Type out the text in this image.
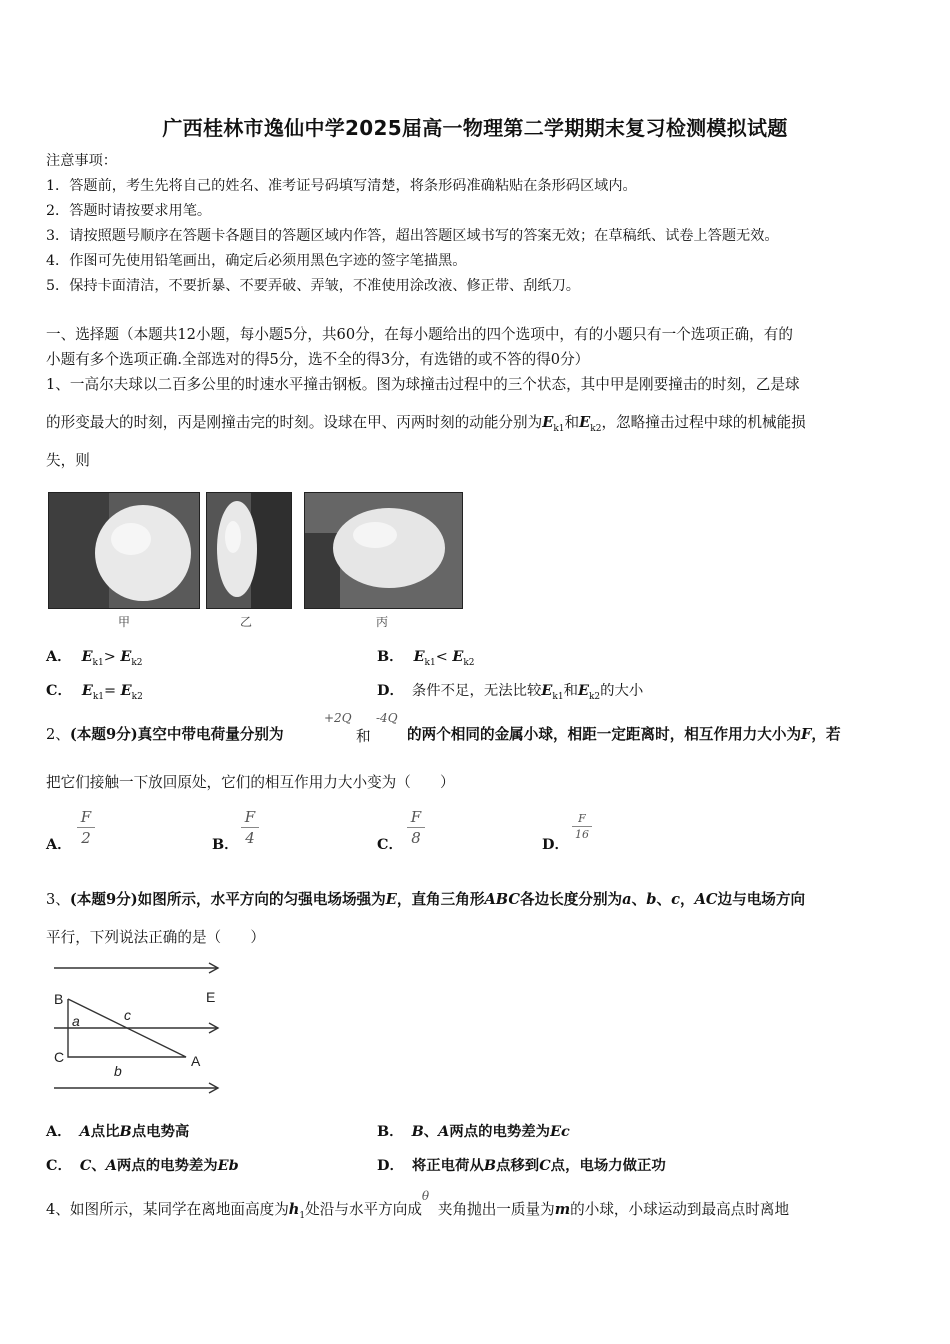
广西桂林市逸仙中学2025届高一物理第二学期期末复习检测模拟试题
注意事项：
1．答题前，考生先将自己的姓名、准考证号码填写清楚，将条形码准确粘贴在条形码区域内。
2．答题时请按要求用笔。
3．请按照题号顺序在答题卡各题目的答题区域内作答，超出答题区域书写的答案无效；在草稿纸、试卷上答题无效。
4．作图可先使用铅笔画出，确定后必须用黑色字迹的签字笔描黑。
5．保持卡面清洁，不要折暴、不要弄破、弄皱，不准使用涂改液、修正带、刮纸刀。
一、选择题（本题共12小题，每小题5分，共60分，在每小题给出的四个选项中，有的小题只有一个选项正确，有的
小题有多个选项正确.全部选对的得5分，选不全的得3分，有选错的或不答的得0分）
1、一高尔夫球以二百多公里的时速水平撞击钢板。图为球撞击过程中的三个状态，其中甲是刚要撞击的时刻，乙是球
的形变最大的时刻，丙是刚撞击完的时刻。设球在甲、丙两时刻的动能分别为$E_{k1}$和$E_{k2}$，忽略撞击过程中球的机械能损
失，则
甲	乙	丙
A． $E_{k1}> E_{k2}$	B． $E_{k1}< E_{k2}$
C． $E_{k1}= E_{k2}$	D． 条件不足，无法比较$E_{k1}$和$E_{k2}$的大小
2、(本题9分)真空中带电荷量分别为
+2Q
和
-4Q
的两个相同的金属小球，相距一定距离时，相互作用力大小为F，若
把它们接触一下放回原处，它们的相互作用力大小变为（　　）
A．
F
2	B．
F
4	C．
F
8	D．
F
16
3、(本题9分)如图所示，水平方向的匀强电场场强为E，直角三角形ABC各边长度分别为a、b、c，AC边与电场方向
平行，下列说法正确的是（　　）
B
C	A
E
a
b
c
A． A点比B点电势高	B． B、A两点的电势差为Ec
C． C、A两点的电势差为Eb	D． 将正电荷从B点移到C点，电场力做正功
4、如图所示，某同学在离地面高度为$h_1$处沿与水平方向成θ夹角抛出一质量为m的小球，小球运动到最高点时离地
